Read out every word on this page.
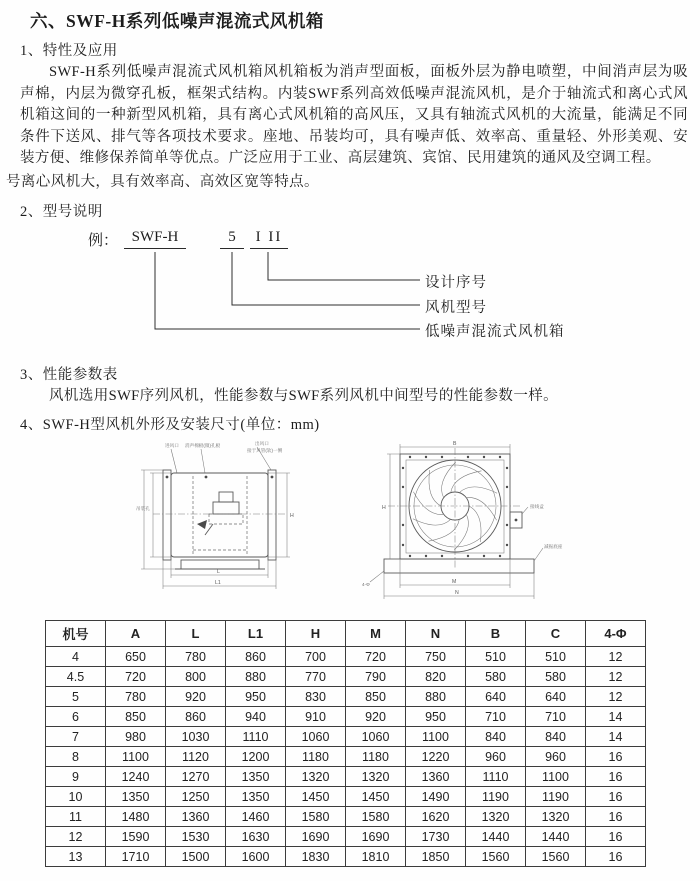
六、SWF-H系列低噪声混流式风机箱
1、特性及应用

SWF-H系列低噪声混流式风机箱风机箱板为消声型面板，面板外层为静电喷塑，中间消声层为吸声棉，内层为微穿孔板，框架式结构。内装SWF系列高效低噪声混流风机，是介于轴流式和离心式风机箱这间的一种新型风机箱，具有离心式风机箱的高风压，又具有轴流式风机的大流量，能满足不同条件下送风、排气等各项技术要求。座地、吊装均可，具有噪声低、效率高、重量轻、外形美观、安装方便、维修保养简单等优点。广泛应用于工业、高层建筑、宾馆、民用建筑的通风及空调工程。

号离心风机大，具有效率高、高效区宽等特点。

2、型号说明
例： SWF-H	5	I II
设计序号
风机型号
低噪声混流式风机箱
3、性能参数表

风机选用SWF序列风机，性能参数与SWF系列风机中间型号的性能参数一样。

4、SWF-H型风机外形及安装尺寸(单位：mm)
进风口 消声棉板(微)孔板	出风口
接于风管(软)一侧
吊装孔
H
L
L1
B
接线盒
减振底座
4-Φ
H
M
N
机号	A	L	L1	H	M	N	B	C	4-Φ
4	650	780	860	700	720	750	510	510	12
4.5	720	800	880	770	790	820	580	580	12
5	780	920	950	830	850	880	640	640	12
6	850	860	940	910	920	950	710	710	14
7	980	1030	1110	1060	1060	1100	840	840	14
8	1100	1120	1200	1180	1180	1220	960	960	16
9	1240	1270	1350	1320	1320	1360	1110	1100	16
10	1350	1250	1350	1450	1450	1490	1190	1190	16
11	1480	1360	1460	1580	1580	1620	1320	1320	16
12	1590	1530	1630	1690	1690	1730	1440	1440	16
13	1710	1500	1600	1830	1810	1850	1560	1560	16
